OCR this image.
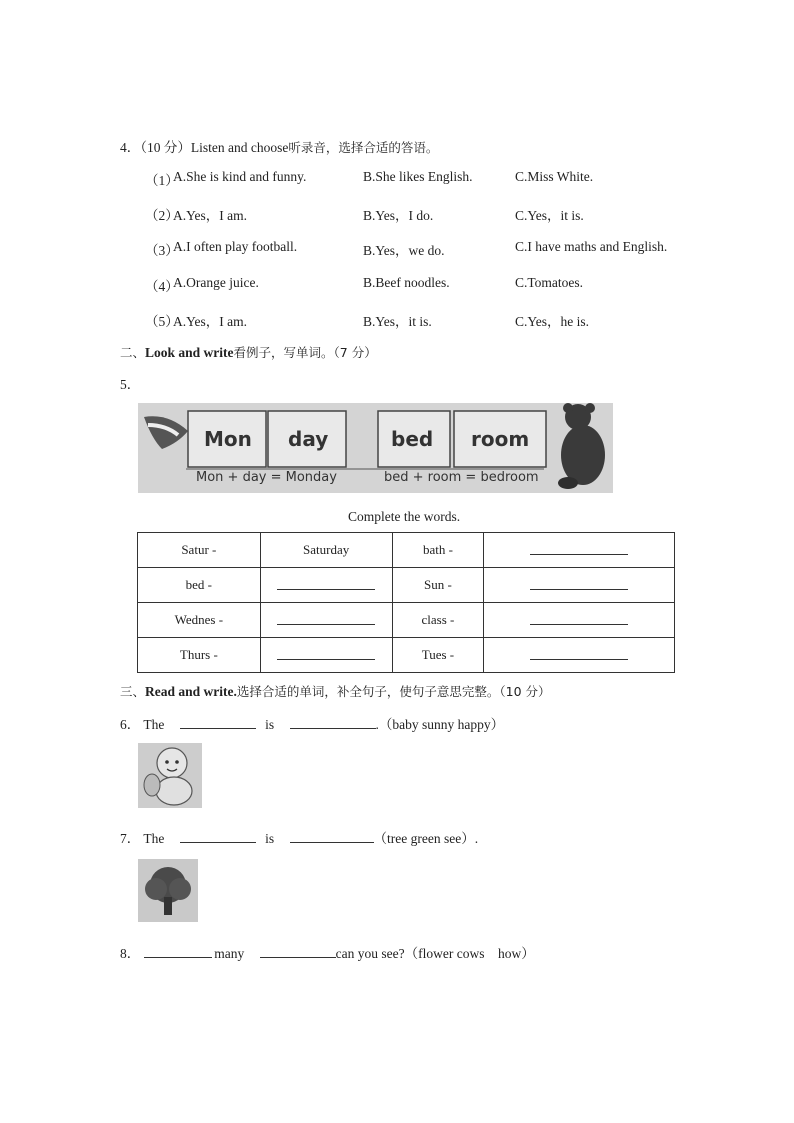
4．（10 分）Listen and choose听录音，选择合适的答语。
（1）
A.She is kind and funny.	B.She likes English.	C.Miss White.
（2）
A.Yes，I am.	B.Yes，I do.	C.Yes，it is.
（3）
A.I often play football.	B.Yes，we do.	C.I have maths and English.
（4）
A.Orange juice.	B.Beef noodles.	C.Tomatoes.
（5）
A.Yes，I am.	B.Yes，it is.	C.Yes，he is.
二、Look and write看例子，写单词。（7 分）
5．
Mon day	bed room
Mon + day = Monday	bed + room = bedroom
Complete the words.
Satur -	Saturday	bath -	
bed -		Sun -	
Wednes -		class -	
Thurs -		Tues -	
三、Read and write.选择合适的单词，补全句子，使句子意思完整。（10 分）
6． The	is	.（baby sunny happy）
7． The	is	（tree green see）.
8．	many	can you see?（flower cows　how）
